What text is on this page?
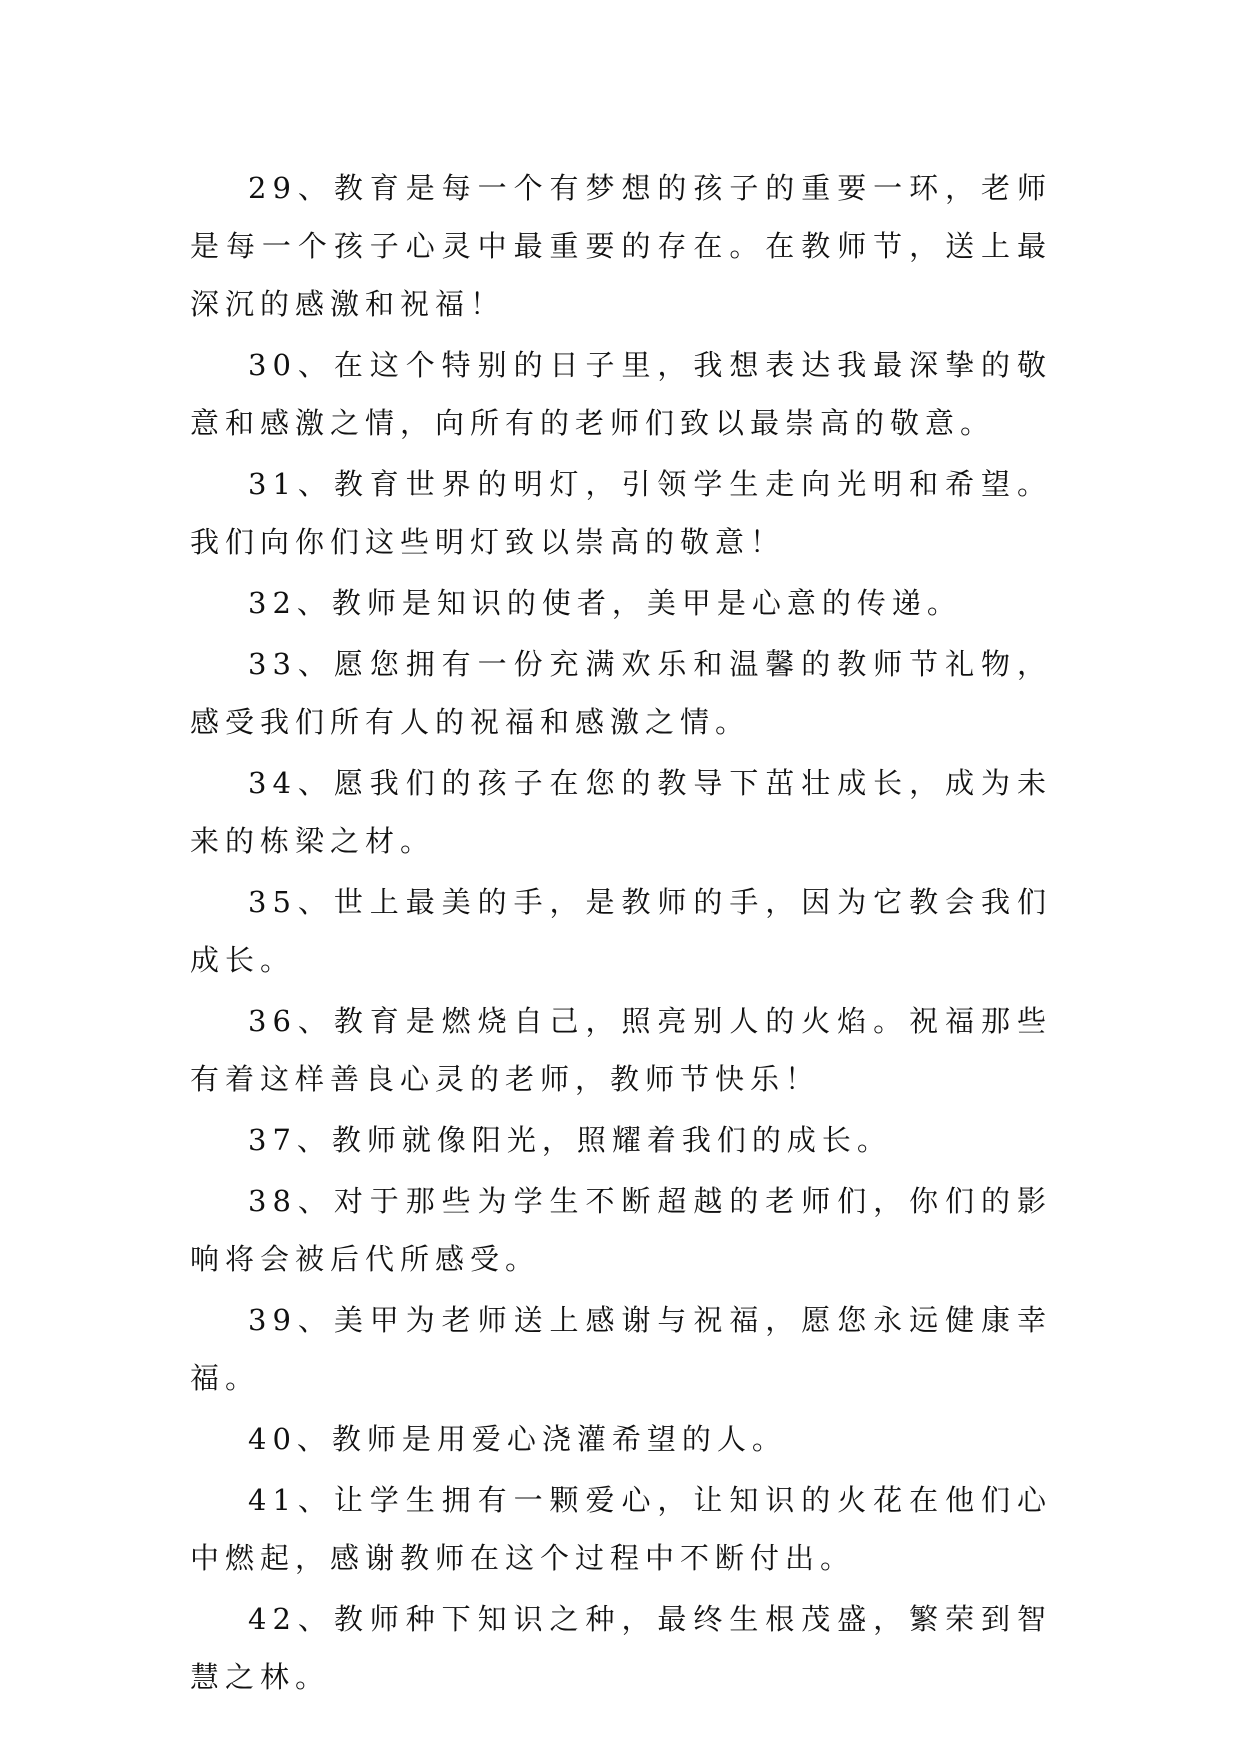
29、教育是每一个有梦想的孩子的重要一环，老师是每一个孩子心灵中最重要的存在。在教师节，送上最深沉的感激和祝福！

30、在这个特别的日子里，我想表达我最深挚的敬意和感激之情，向所有的老师们致以最崇高的敬意。

31、教育世界的明灯，引领学生走向光明和希望。我们向你们这些明灯致以崇高的敬意！

32、教师是知识的使者，美甲是心意的传递。

33、愿您拥有一份充满欢乐和温馨的教师节礼物，感受我们所有人的祝福和感激之情。

34、愿我们的孩子在您的教导下茁壮成长，成为未来的栋梁之材。

35、世上最美的手，是教师的手，因为它教会我们成长。

36、教育是燃烧自己，照亮别人的火焰。祝福那些有着这样善良心灵的老师，教师节快乐！

37、教师就像阳光，照耀着我们的成长。

38、对于那些为学生不断超越的老师们，你们的影响将会被后代所感受。

39、美甲为老师送上感谢与祝福，愿您永远健康幸福。

40、教师是用爱心浇灌希望的人。

41、让学生拥有一颗爱心，让知识的火花在他们心中燃起，感谢教师在这个过程中不断付出。

42、教师种下知识之种，最终生根茂盛，繁荣到智慧之林。
